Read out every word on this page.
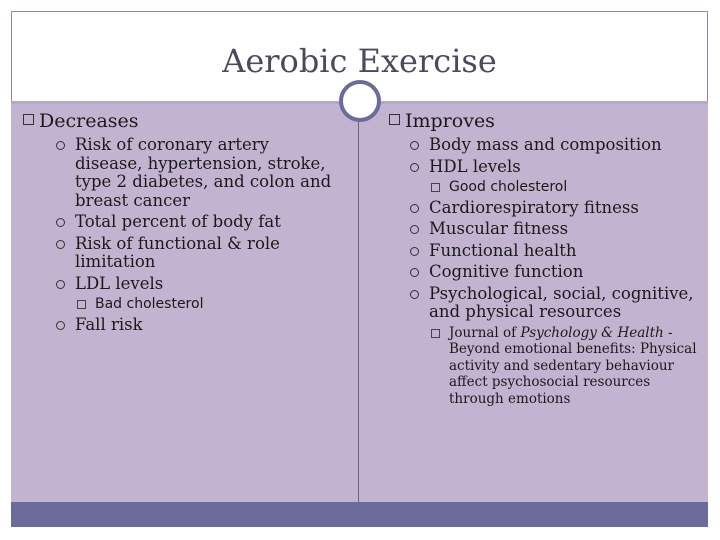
Aerobic Exercise
Decreases
Risk of coronary artery disease, hypertension, stroke, type 2 diabetes, and colon and breast cancer
Total percent of body fat
Risk of functional & role limitation
LDL levels
Bad cholesterol
Fall risk
Improves
Body mass and composition
HDL levels
Good cholesterol
Cardiorespiratory fitness
Muscular fitness
Functional health
Cognitive function
Psychological, social, cognitive, and physical resources
Journal of Psychology & Health - Beyond emotional benefits: Physical activity and sedentary behaviour affect psychosocial resources through emotions
